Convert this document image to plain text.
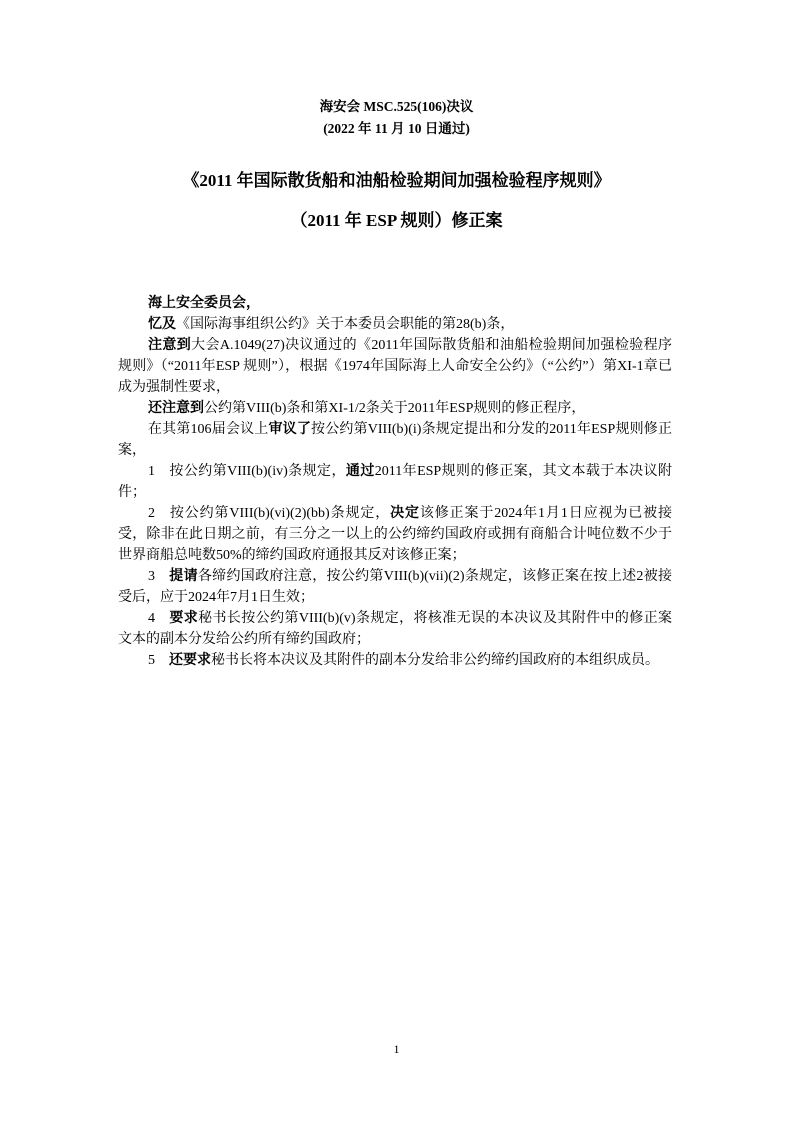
海安会 MSC.525(106)决议
(2022 年 11 月 10 日通过)
《2011 年国际散货船和油船检验期间加强检验程序规则》
（2011 年 ESP 规则）修正案

海上安全委员会，

忆及《国际海事组织公约》关于本委员会职能的第28(b)条，

注意到大会A.1049(27)决议通过的《2011年国际散货船和油船检验期间加强检验程序规则》（“2011年ESP 规则”），根据《1974年国际海上人命安全公约》（“公约”）第XI-1章已成为强制性要求，

还注意到公约第VIII(b)条和第XI-1/2条关于2011年ESP规则的修正程序，

在其第106届会议上审议了按公约第VIII(b)(i)条规定提出和分发的2011年ESP规则修正案，

1 按公约第VIII(b)(iv)条规定，通过2011年ESP规则的修正案，其文本载于本决议附件；

2 按公约第VIII(b)(vi)(2)(bb)条规定，决定该修正案于2024年1月1日应视为已被接受，除非在此日期之前，有三分之一以上的公约缔约国政府或拥有商船合计吨位数不少于世界商船总吨数50%的缔约国政府通报其反对该修正案；

3 提请各缔约国政府注意，按公约第VIII(b)(vii)(2)条规定，该修正案在按上述2被接受后，应于2024年7月1日生效；

4 要求秘书长按公约第VIII(b)(v)条规定，将核准无误的本决议及其附件中的修正案文本的副本分发给公约所有缔约国政府；

5 还要求秘书长将本决议及其附件的副本分发给非公约缔约国政府的本组织成员。

1
